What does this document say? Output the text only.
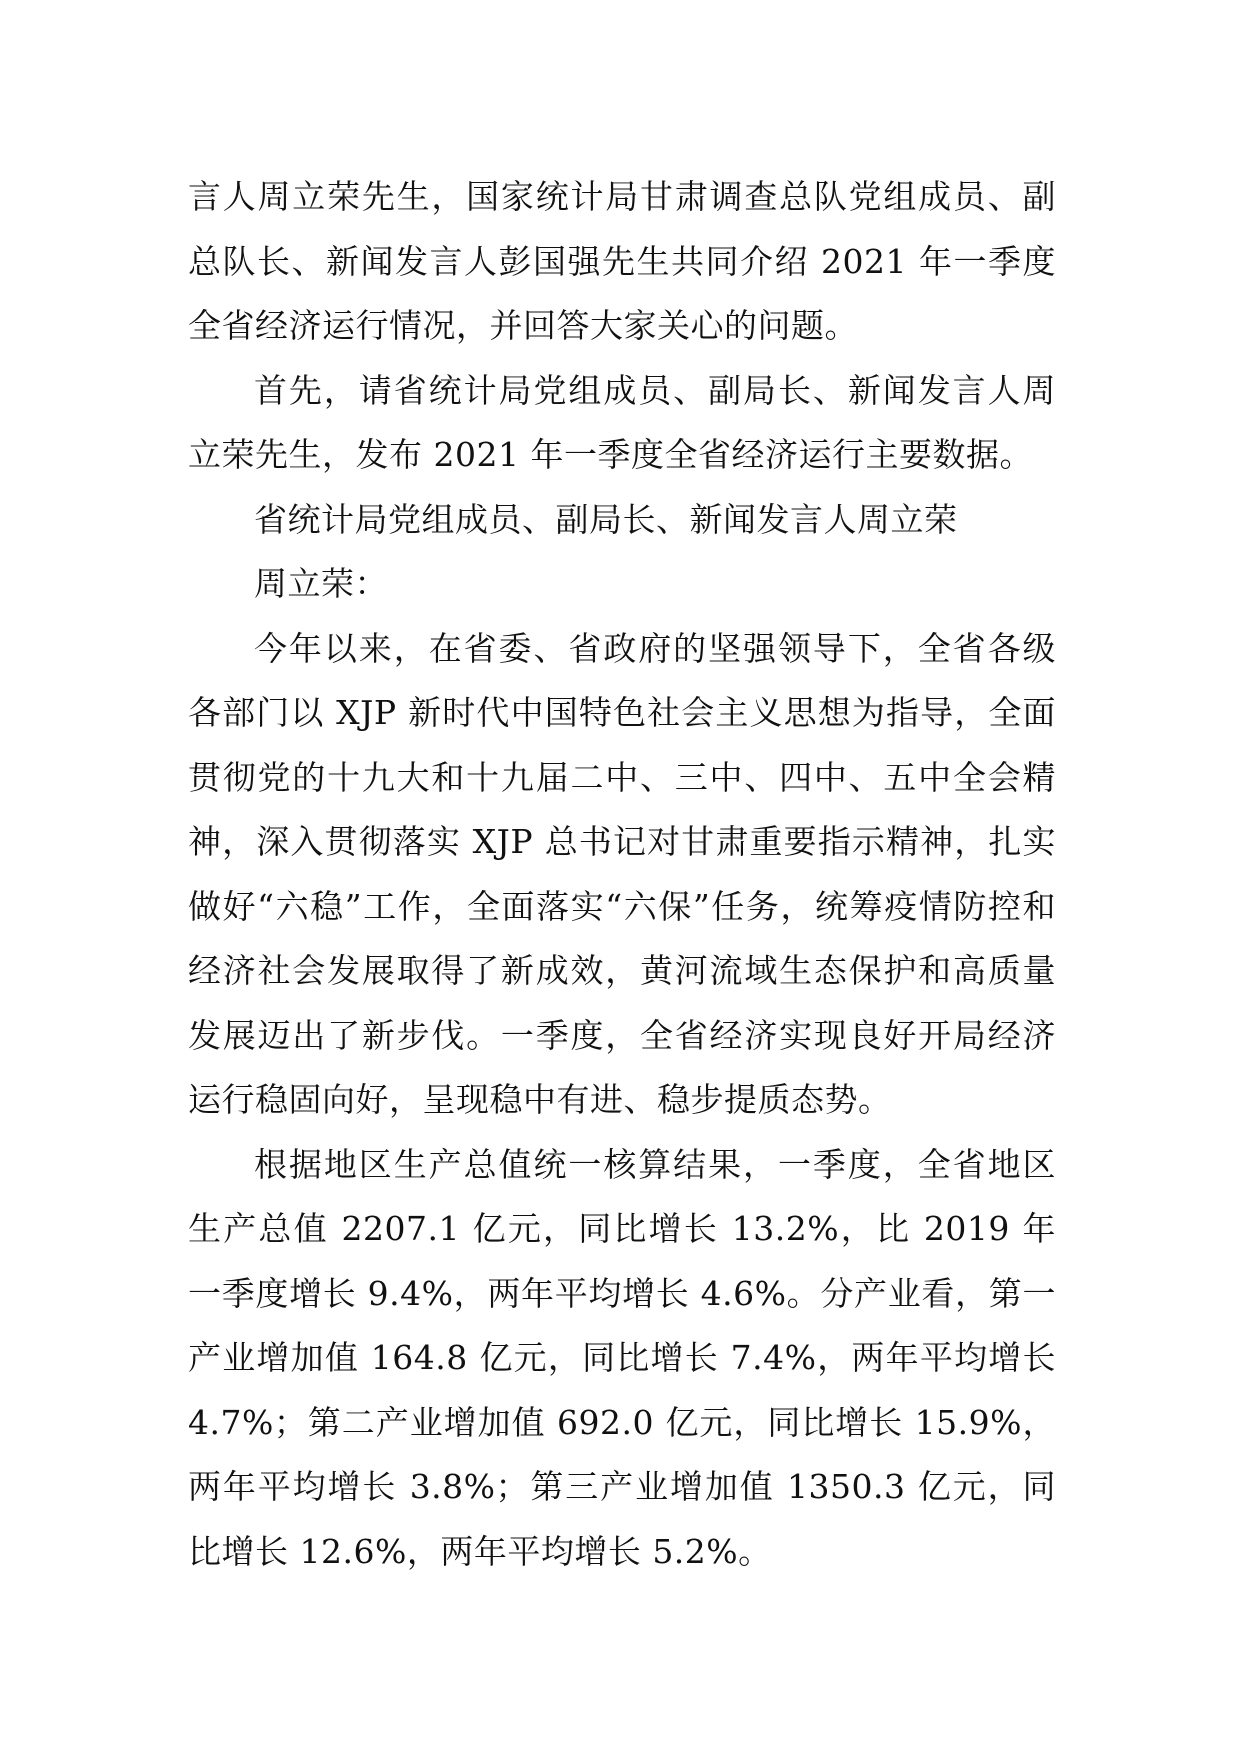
言人周立荣先生，国家统计局甘肃调查总队党组成员、副总队长、新闻发言人彭国强先生共同介绍 2021 年一季度全省经济运行情况，并回答大家关心的问题。

首先，请省统计局党组成员、副局长、新闻发言人周立荣先生，发布 2021 年一季度全省经济运行主要数据。

省统计局党组成员、副局长、新闻发言人周立荣

周立荣：

今年以来，在省委、省政府的坚强领导下，全省各级各部门以 XJP 新时代中国特色社会主义思想为指导，全面贯彻党的十九大和十九届二中、三中、四中、五中全会精神，深入贯彻落实 XJP 总书记对甘肃重要指示精神，扎实做好“六稳”工作，全面落实“六保”任务，统筹疫情防控和经济社会发展取得了新成效，黄河流域生态保护和高质量发展迈出了新步伐。一季度，全省经济实现良好开局经济运行稳固向好，呈现稳中有进、稳步提质态势。

根据地区生产总值统一核算结果，一季度，全省地区生产总值 2207.1 亿元，同比增长 13.2%，比 2019 年一季度增长 9.4%，两年平均增长 4.6%。分产业看，第一产业增加值 164.8 亿元，同比增长 7.4%，两年平均增长 4.7%；第二产业增加值 692.0 亿元，同比增长 15.9%，两年平均增长 3.8%；第三产业增加值 1350.3 亿元，同比增长 12.6%，两年平均增长 5.2%。
